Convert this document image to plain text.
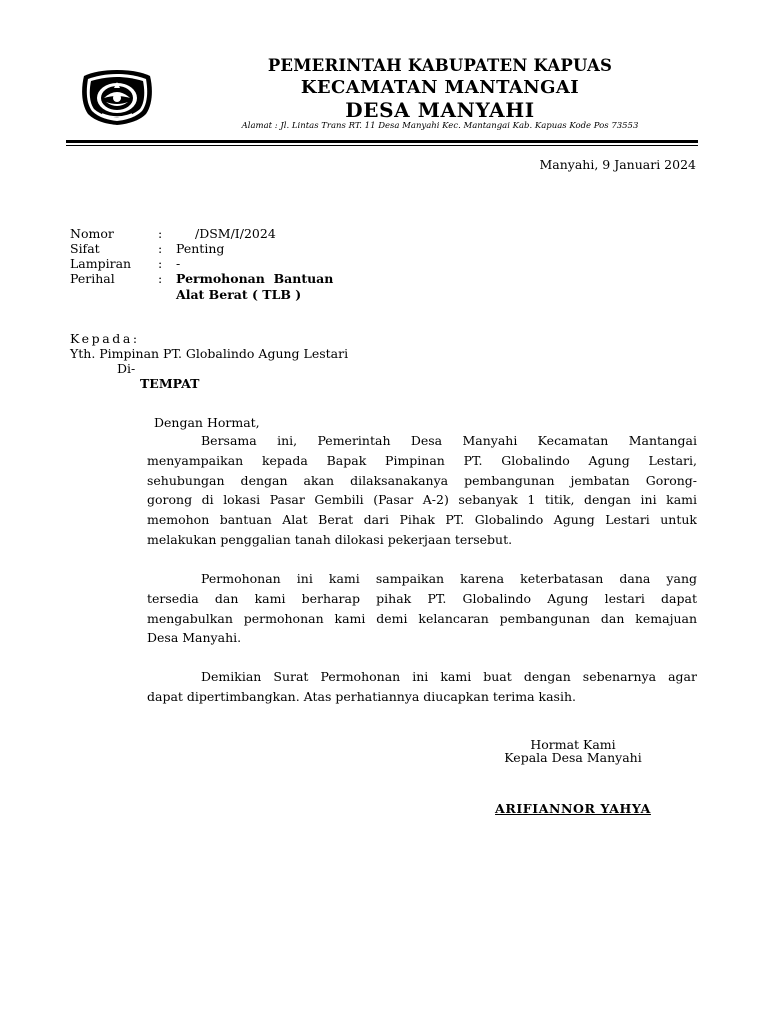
PEMERINTAH KABUPATEN KAPUAS
KECAMATAN MANTANGAI
DESA MANYAHI
Alamat : Jl. Lintas Trans RT. 11 Desa Manyahi Kec. Mantangai Kab. Kapuas Kode Pos 73553
Manyahi, 9 Januari 2024
Nomor	:	/DSM/I/2024
Sifat	: Penting
Lampiran : -
Perihal	: Permohonan  Bantuan
Alat Berat ( TLB )
Kepada:
Yth. Pimpinan PT. Globalindo Agung Lestari
Di-
TEMPAT
Dengan Hormat,
Bersama ini, Pemerintah Desa Manyahi Kecamatan Mantangai
menyampaikan kepada Bapak Pimpinan PT. Globalindo Agung Lestari,
sehubungan dengan akan dilaksanakanya pembangunan jembatan Gorong-
gorong di lokasi Pasar Gembili (Pasar A-2) sebanyak 1 titik, dengan ini kami
memohon bantuan Alat Berat dari Pihak PT. Globalindo Agung Lestari untuk
melakukan penggalian tanah dilokasi pekerjaan tersebut.
Permohonan ini kami sampaikan karena keterbatasan dana yang
tersedia dan kami berharap pihak PT. Globalindo Agung lestari dapat
mengabulkan permohonan kami demi kelancaran pembangunan dan kemajuan
Desa Manyahi.
Demikian Surat Permohonan ini kami buat dengan sebenarnya agar
dapat dipertimbangkan. Atas perhatiannya diucapkan terima kasih.
Hormat Kami
Kepala Desa Manyahi
ARIFIANNOR YAHYA
